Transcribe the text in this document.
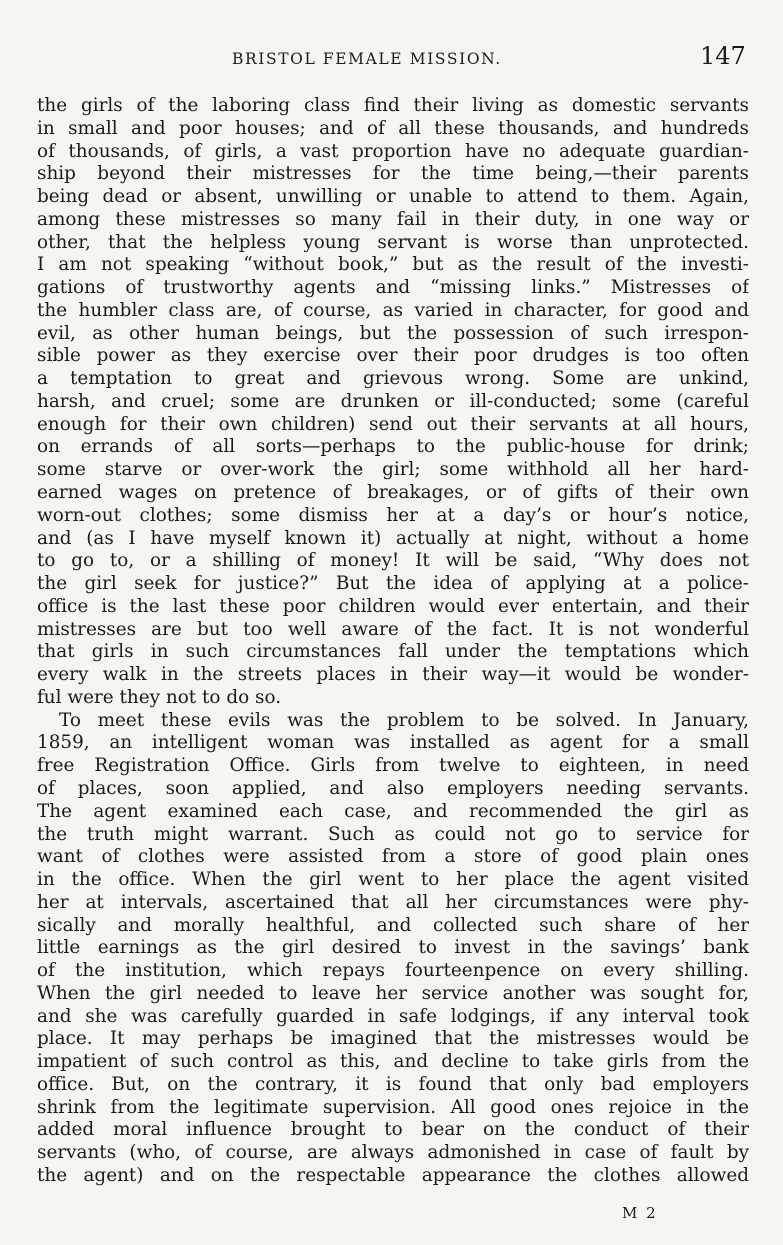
BRISTOL FEMALE MISSION.	147
the girls of the laboring class find their living as domestic servants
in small and poor houses; and of all these thousands, and hundreds
of thousands, of girls, a vast proportion have no adequate guardian-
ship beyond their mistresses for the time being,—their parents
being dead or absent, unwilling or unable to attend to them. Again,
among these mistresses so many fail in their duty, in one way or
other, that the helpless young servant is worse than unprotected.
I am not speaking “without book,” but as the result of the investi-
gations of trustworthy agents and “missing links.” Mistresses of
the humbler class are, of course, as varied in character, for good and
evil, as other human beings, but the possession of such irrespon-
sible power as they exercise over their poor drudges is too often
a temptation to great and grievous wrong. Some are unkind,
harsh, and cruel; some are drunken or ill-conducted; some (careful
enough for their own children) send out their servants at all hours,
on errands of all sorts—perhaps to the public-house for drink;
some starve or over-work the girl; some withhold all her hard-
earned wages on pretence of breakages, or of gifts of their own
worn-out clothes; some dismiss her at a day’s or hour’s notice,
and (as I have myself known it) actually at night, without a home
to go to, or a shilling of money! It will be said, “Why does not
the girl seek for justice?” But the idea of applying at a police-
office is the last these poor children would ever entertain, and their
mistresses are but too well aware of the fact. It is not wonderful
that girls in such circumstances fall under the temptations which
every walk in the streets places in their way—it would be wonder-
ful were they not to do so.
To meet these evils was the problem to be solved. In January,
1859, an intelligent woman was installed as agent for a small
free Registration Office. Girls from twelve to eighteen, in need
of places, soon applied, and also employers needing servants.
The agent examined each case, and recommended the girl as
the truth might warrant. Such as could not go to service for
want of clothes were assisted from a store of good plain ones
in the office. When the girl went to her place the agent visited
her at intervals, ascertained that all her circumstances were phy-
sically and morally healthful, and collected such share of her
little earnings as the girl desired to invest in the savings’ bank
of the institution, which repays fourteenpence on every shilling.
When the girl needed to leave her service another was sought for,
and she was carefully guarded in safe lodgings, if any interval took
place. It may perhaps be imagined that the mistresses would be
impatient of such control as this, and decline to take girls from the
office. But, on the contrary, it is found that only bad employers
shrink from the legitimate supervision. All good ones rejoice in the
added moral influence brought to bear on the conduct of their
servants (who, of course, are always admonished in case of fault by
the agent) and on the respectable appearance the clothes allowed
M 2
